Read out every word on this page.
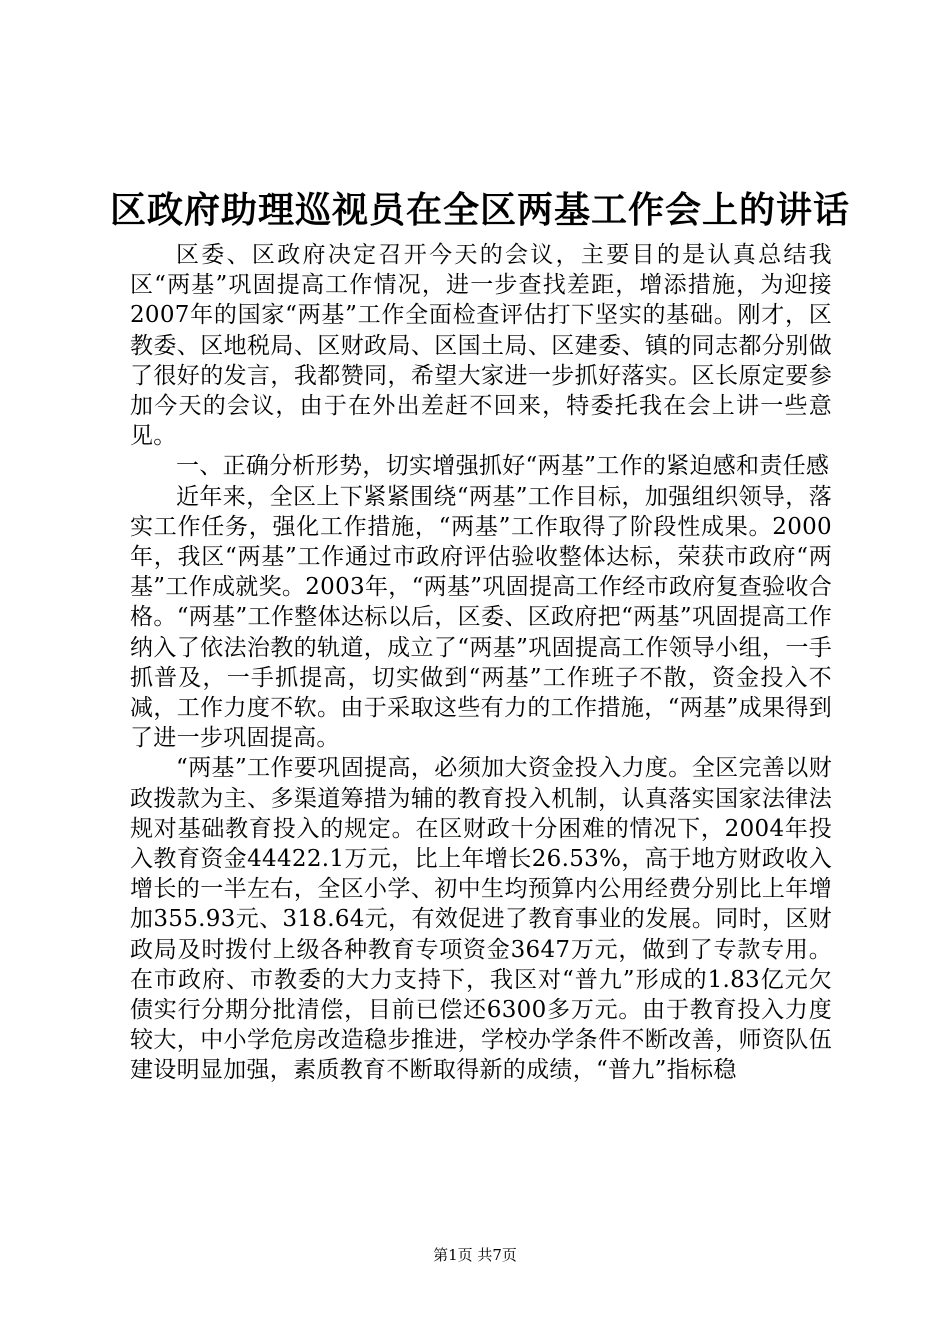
区政府助理巡视员在全区两基工作会上的讲话

区委、区政府决定召开今天的会议，主要目的是认真总结我区“两基”巩固提高工作情况，进一步查找差距，增添措施，为迎接2007年的国家“两基”工作全面检查评估打下坚实的基础。刚才，区教委、区地税局、区财政局、区国土局、区建委、镇的同志都分别做了很好的发言，我都赞同，希望大家进一步抓好落实。区长原定要参加今天的会议，由于在外出差赶不回来，特委托我在会上讲一些意见。

一、正确分析形势，切实增强抓好“两基”工作的紧迫感和责任感

近年来，全区上下紧紧围绕“两基”工作目标，加强组织领导，落实工作任务，强化工作措施，“两基”工作取得了阶段性成果。2000年，我区“两基”工作通过市政府评估验收整体达标，荣获市政府“两基”工作成就奖。2003年，“两基”巩固提高工作经市政府复查验收合格。“两基”工作整体达标以后，区委、区政府把“两基”巩固提高工作纳入了依法治教的轨道，成立了“两基”巩固提高工作领导小组，一手抓普及，一手抓提高，切实做到“两基”工作班子不散，资金投入不减，工作力度不软。由于采取这些有力的工作措施，“两基”成果得到了进一步巩固提高。

“两基”工作要巩固提高，必须加大资金投入力度。全区完善以财政拨款为主、多渠道筹措为辅的教育投入机制，认真落实国家法律法规对基础教育投入的规定。在区财政十分困难的情况下，2004年投入教育资金44422.1万元，比上年增长26.53%，高于地方财政收入增长的一半左右，全区小学、初中生均预算内公用经费分别比上年增加355.93元、318.64元，有效促进了教育事业的发展。同时，区财政局及时拨付上级各种教育专项资金3647万元，做到了专款专用。在市政府、市教委的大力支持下，我区对“普九”形成的1.83亿元欠债实行分期分批清偿，目前已偿还6300多万元。由于教育投入力度较大，中小学危房改造稳步推进，学校办学条件不断改善，师资队伍建设明显加强，素质教育不断取得新的成绩，“普九”指标稳

第1页 共7页
